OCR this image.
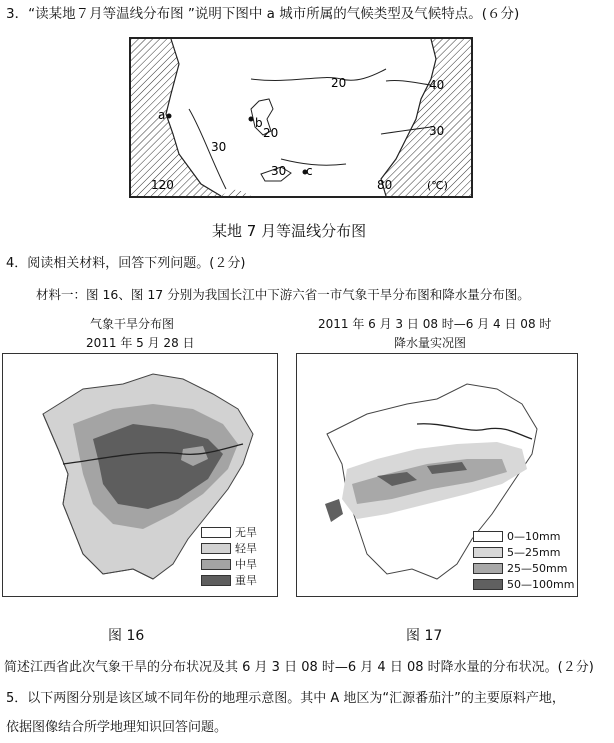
3．“读某地７月等温线分布图 ”说明下图中 a 城市所属的气候类型及气候特点。(６分)
a
b
c
20	40
30
20
30
30
120	80	(℃)
某地 7 月等温线分布图
4．阅读相关材料，回答下列问题。(２分)
材料一：图 16、图 17 分别为我国长江中下游六省一市气象干旱分布图和降水量分布图。
气象干旱分布图
2011 年 5 月 28 日
2011 年 6 月 3 日 08 时—6 月 4 日 08 时
降水量实况图
无旱
轻旱
中旱
重旱
0—10mm
5—25mm
25—50mm
50—100mm
图 16	图 17
简述江西省此次气象干旱的分布状况及其 6 月 3 日 08 时—6 月 4 日 08 时降水量的分布状况。(２分)
5．以下两图分别是该区域不同年份的地理示意图。其中 A 地区为“汇源番茄汁”的主要原料产地，
依据图像结合所学地理知识回答问题。
